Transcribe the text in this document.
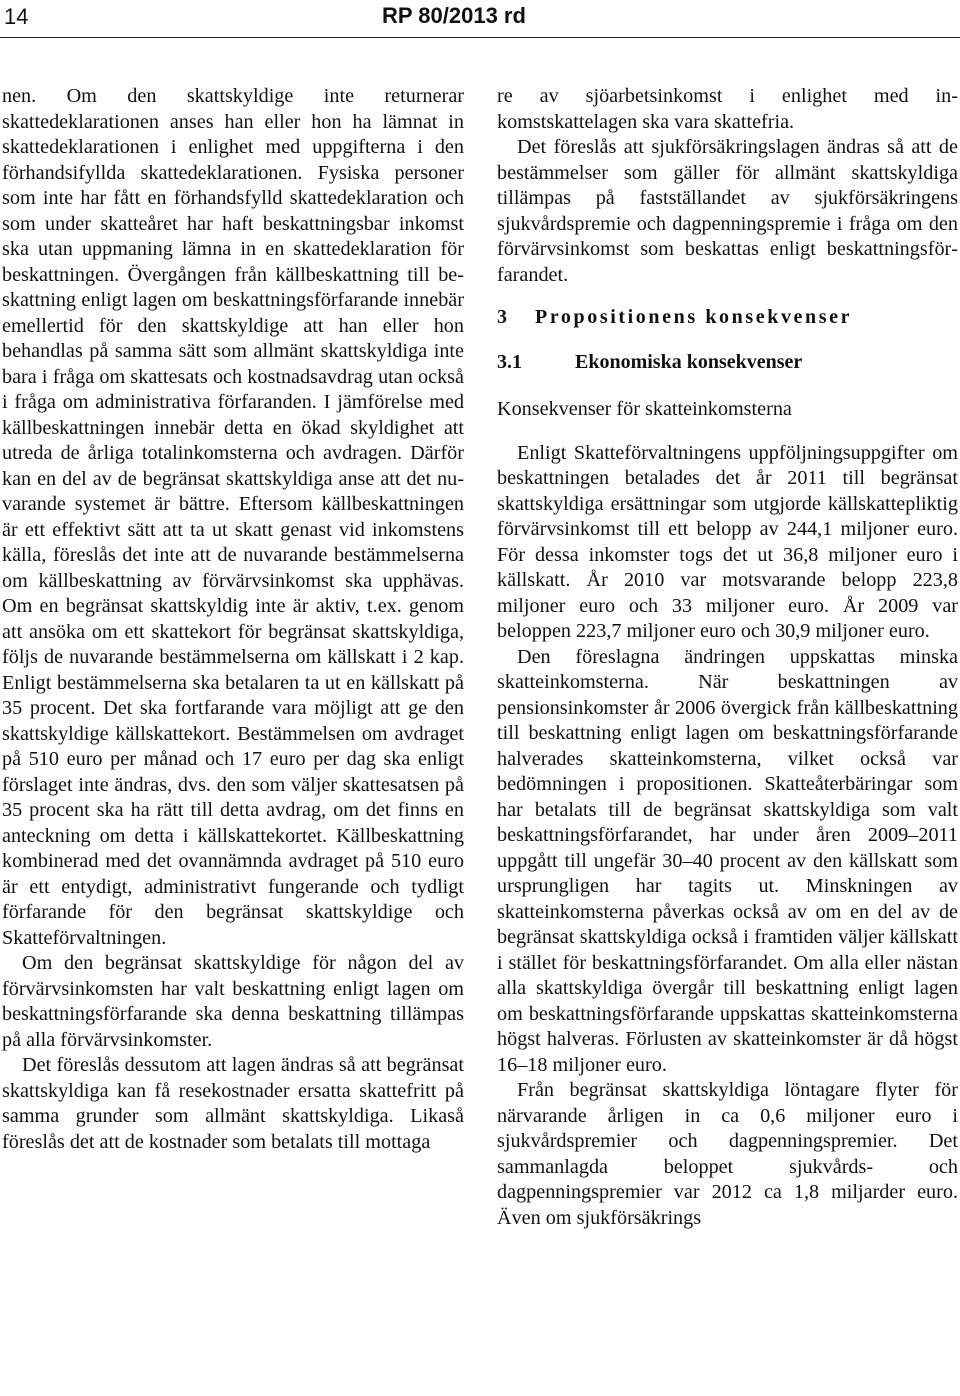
14	RP 80/2013 rd

nen. Om den skattskyldige inte returnerar skattedeklarationen anses han eller hon ha lämnat in skattedeklarationen i enlighet med uppgifterna i den förhandsifyllda skattedeklarationen. Fysiska personer som inte har fått en förhandsfylld skattedeklaration och som under skatteåret har haft beskattningsbar inkomst ska utan uppmaning lämna in en skattedeklaration för beskattningen. Övergången från källbeskattning till beskattning enligt lagen om beskattningsförfarande innebär emellertid för den skattskyldige att han eller hon behandlas på samma sätt som allmänt skattskyldiga inte bara i fråga om skattesats och kostnadsavdrag utan också i fråga om administrativa förfaranden. I jämförelse med källbeskattningen innebär detta en ökad skyldighet att utreda de årliga totalinkomsterna och avdragen. Därför kan en del av de begränsat skattskyldiga anse att det nuvarande systemet är bättre. Eftersom källbeskattningen är ett effektivt sätt att ta ut skatt genast vid inkomstens källa, föreslås det inte att de nuvarande bestämmelserna om källbeskattning av förvärvsinkomst ska upphävas. Om en begränsat skattskyldig inte är aktiv, t.ex. genom att ansöka om ett skattekort för begränsat skattskyldiga, följs de nuvarande bestämmelserna om källskatt i 2 kap. Enligt bestämmelserna ska betalaren ta ut en källskatt på 35 procent. Det ska fortfarande vara möjligt att ge den skattskyldige källskattekort. Bestämmelsen om avdraget på 510 euro per månad och 17 euro per dag ska enligt förslaget inte ändras, dvs. den som väljer skattesatsen på 35 procent ska ha rätt till detta avdrag, om det finns en anteckning om detta i källskattekortet. Källbeskattning kombinerad med det ovannämnda avdraget på 510 euro är ett entydigt, administrativt fungerande och tydligt förfarande för den begränsat skattskyldige och Skatteförvaltningen.

Om den begränsat skattskyldige för någon del av förvärvsinkomsten har valt beskattning enligt lagen om beskattningsförfarande ska denna beskattning tillämpas på alla förvärvsinkomster.

Det föreslås dessutom att lagen ändras så att begränsat skattskyldiga kan få resekostnader ersatta skattefritt på samma grunder som allmänt skattskyldiga. Likaså föreslås det att de kostnader som betalats till mottaga

re av sjöarbetsinkomst i enlighet med inkomstskattelagen ska vara skattefria.

Det föreslås att sjukförsäkringslagen ändras så att de bestämmelser som gäller för allmänt skattskyldiga tillämpas på fastställandet av sjukförsäkringens sjukvårdspremie och dagpenningspremie i fråga om den förvärvsinkomst som beskattas enligt beskattningsförfarandet.

3 Propositionens konsekvenser
3.1	Ekonomiska konsekvenser
Konsekvenser för skatteinkomsterna

Enligt Skatteförvaltningens uppföljningsuppgifter om beskattningen betalades det år 2011 till begränsat skattskyldiga ersättningar som utgjorde källskattepliktig förvärvsinkomst till ett belopp av 244,1 miljoner euro. För dessa inkomster togs det ut 36,8 miljoner euro i källskatt. År 2010 var motsvarande belopp 223,8 miljoner euro och 33 miljoner euro. År 2009 var beloppen 223,7 miljoner euro och 30,9 miljoner euro.

Den föreslagna ändringen uppskattas minska skatteinkomsterna. När beskattningen av pensionsinkomster år 2006 övergick från källbeskattning till beskattning enligt lagen om beskattningsförfarande halverades skatteinkomsterna, vilket också var bedömningen i propositionen. Skatteåterbäringar som har betalats till de begränsat skattskyldiga som valt beskattningsförfarandet, har under åren 2009–2011 uppgått till ungefär 30–40 procent av den källskatt som ursprungligen har tagits ut. Minskningen av skatteinkomsterna påverkas också av om en del av de begränsat skattskyldiga också i framtiden väljer källskatt i stället för beskattningsförfarandet. Om alla eller nästan alla skattskyldiga övergår till beskattning enligt lagen om beskattningsförfarande uppskattas skatteinkomsterna högst halveras. Förlusten av skatteinkomster är då högst 16–18 miljoner euro.

Från begränsat skattskyldiga löntagare flyter för närvarande årligen in ca 0,6 miljoner euro i sjukvårdspremier och dagpenningspremier. Det sammanlagda beloppet sjukvårds- och dagpenningspremier var 2012 ca 1,8 miljarder euro. Även om sjukförsäkrings
